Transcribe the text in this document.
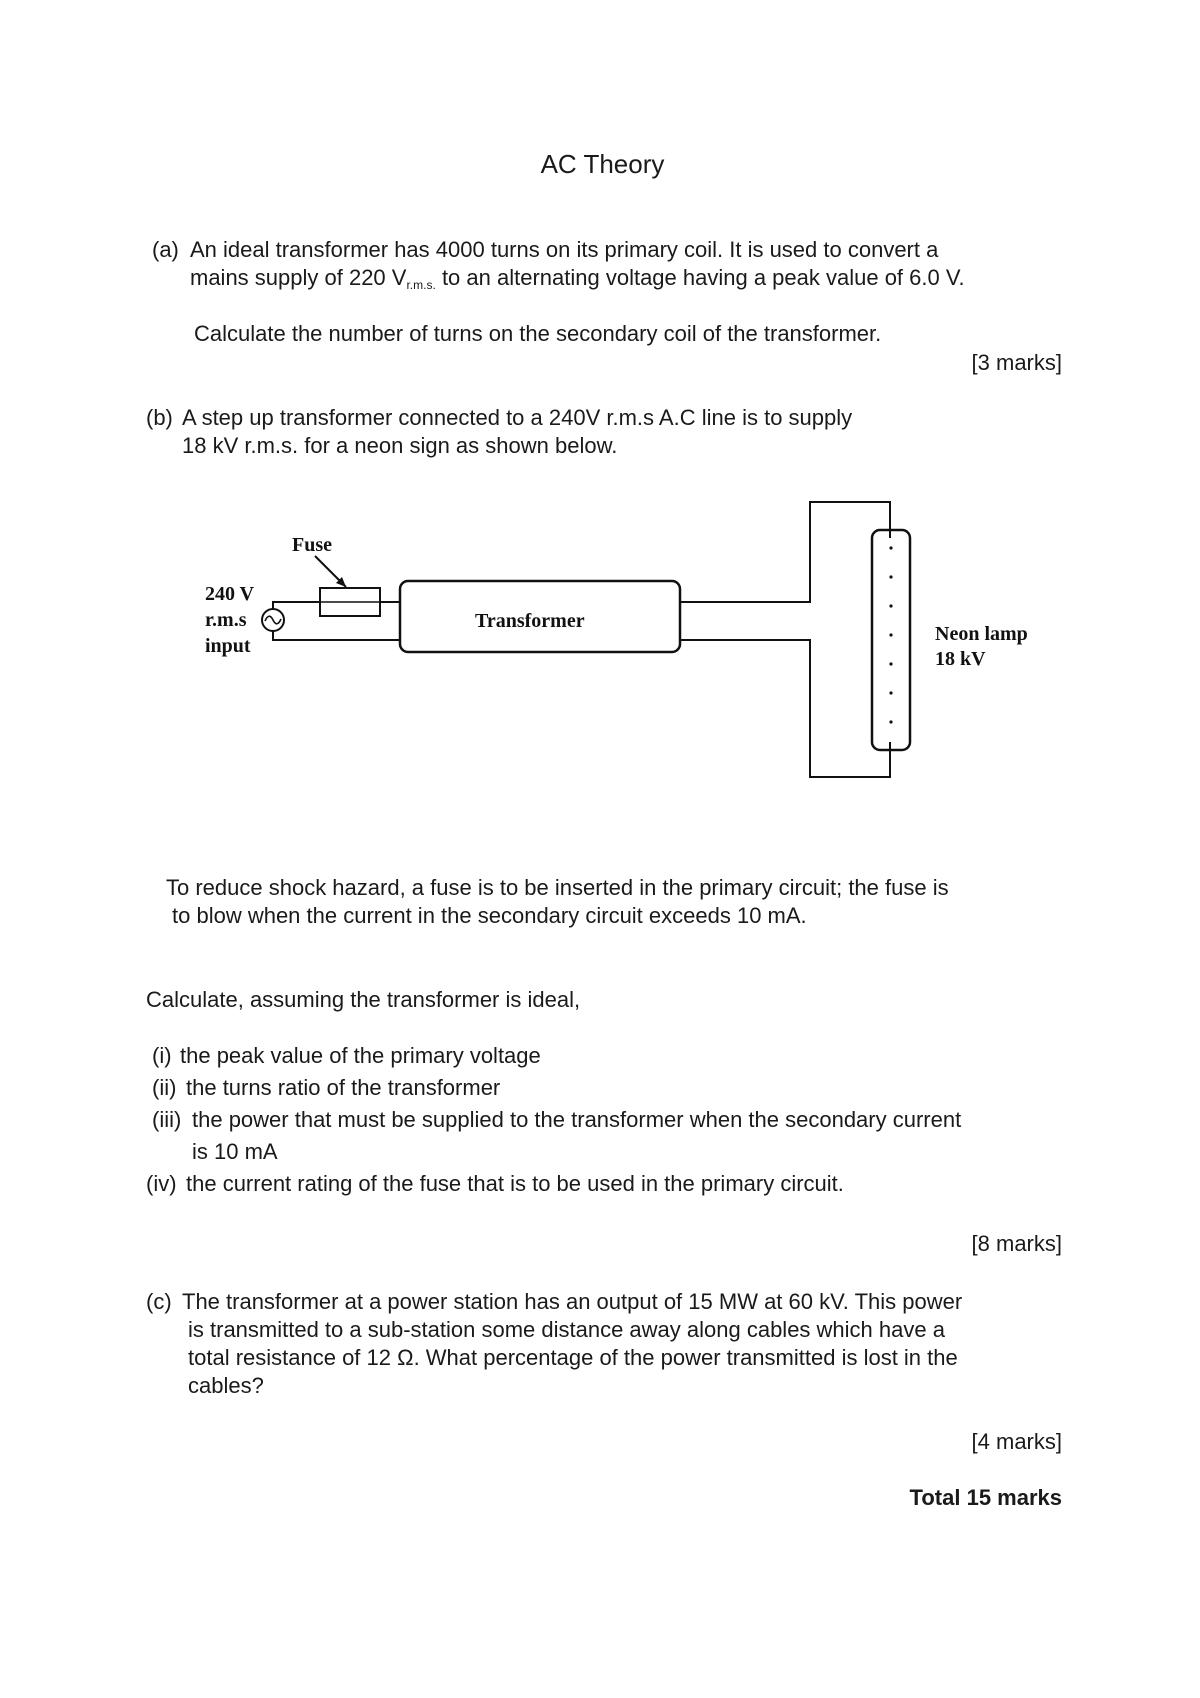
AC Theory
(a) An ideal transformer has 4000 turns on its primary coil. It is used to convert a
mains supply of 220 $V_{r.m.s.}$ to an alternating voltage having a peak value of 6.0 V.
Calculate the number of turns on the secondary coil of the transformer.
[3 marks]
(b) A step up transformer connected to a 240V r.m.s A.C line is to supply
18 kV r.m.s. for a neon sign as shown below.
Fuse
240 V
r.m.s
input
Transformer
Neon lamp
18 kV
To reduce shock hazard, a fuse is to be inserted in the primary circuit; the fuse is
to blow when the current in the secondary circuit exceeds 10 mA.
Calculate, assuming the transformer is ideal,
(i) the peak value of the primary voltage
(ii) the turns ratio of the transformer
(iii) the power that must be supplied to the transformer when the secondary current
is 10 mA
(iv) the current rating of the fuse that is to be used in the primary circuit.
[8 marks]
(c) The transformer at a power station has an output of 15 MW at 60 kV. This power
is transmitted to a sub-station some distance away along cables which have a
total resistance of 12 Ω. What percentage of the power transmitted is lost in the
cables?
[4 marks]
Total 15 marks
